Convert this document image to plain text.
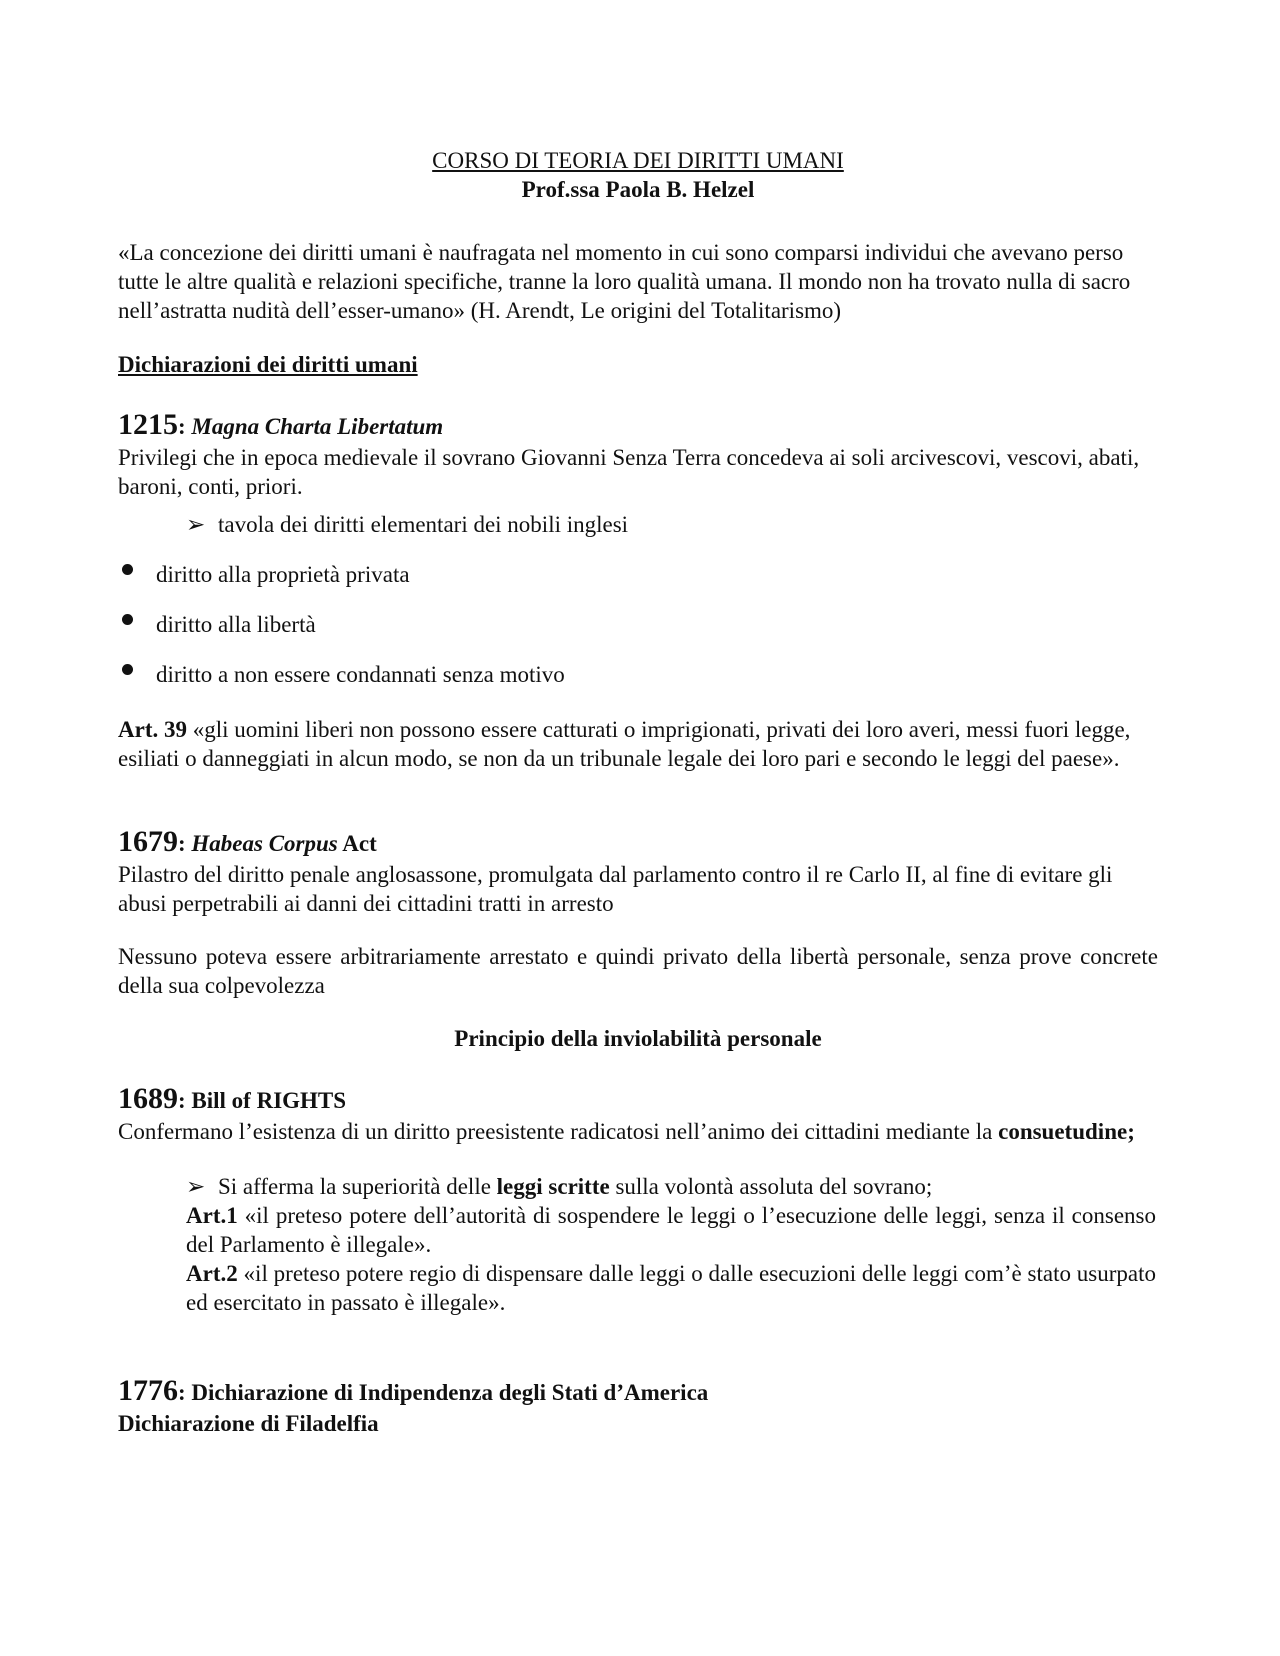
CORSO DI TEORIA DEI DIRITTI UMANI

Prof.ssa Paola B. Helzel

«La concezione dei diritti umani è naufragata nel momento in cui sono comparsi individui che avevano perso tutte le altre qualità e relazioni specifiche, tranne la loro qualità umana. Il mondo non ha trovato nulla di sacro nell’astratta nudità dell’esser-umano» (H. Arendt, Le origini del Totalitarismo)

Dichiarazioni dei diritti umani

1215: Magna Charta Libertatum

Privilegi che in epoca medievale il sovrano Giovanni Senza Terra concedeva ai soli arcivescovi, vescovi, abati, baroni, conti, priori.

➢ tavola dei diritti elementari dei nobili inglesi
diritto alla proprietà privata
diritto alla libertà
diritto a non essere condannati senza motivo

Art. 39 «gli uomini liberi non possono essere catturati o imprigionati, privati dei loro averi, messi fuori legge, esiliati o danneggiati in alcun modo, se non da un tribunale legale dei loro pari e secondo le leggi del paese».

1679: Habeas Corpus Act

Pilastro del diritto penale anglosassone, promulgata dal parlamento contro il re Carlo II, al fine di evitare gli abusi perpetrabili ai danni dei cittadini tratti in arresto

Nessuno poteva essere arbitrariamente arrestato e quindi privato della libertà personale, senza prove concrete della sua colpevolezza

Principio della inviolabilità personale

1689: Bill of RIGHTS

Confermano l’esistenza di un diritto preesistente radicatosi nell’animo dei cittadini mediante la consuetudine;

➢ Si afferma la superiorità delle leggi scritte sulla volontà assoluta del sovrano;

Art.1 «il preteso potere dell’autorità di sospendere le leggi o l’esecuzione delle leggi, senza il consenso del Parlamento è illegale».

Art.2 «il preteso potere regio di dispensare dalle leggi o dalle esecuzioni delle leggi com’è stato usurpato ed esercitato in passato è illegale».

1776: Dichiarazione di Indipendenza degli Stati d’America

Dichiarazione di Filadelfia
